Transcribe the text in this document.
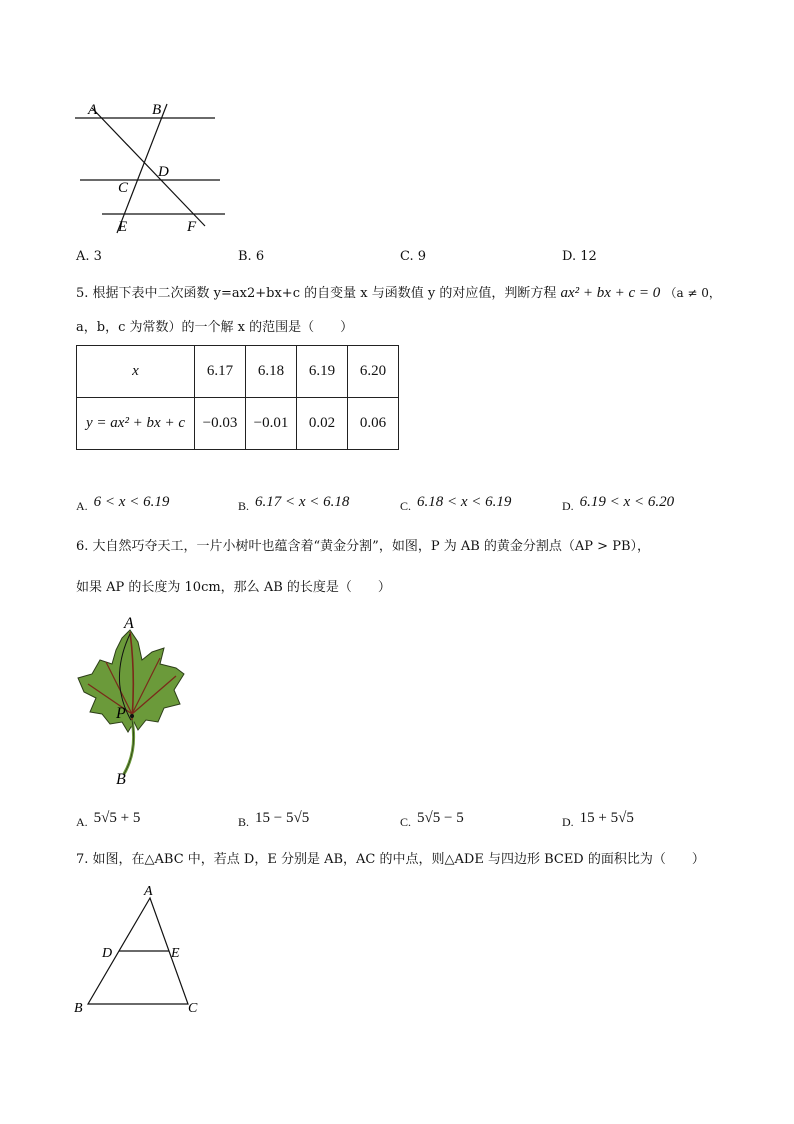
A	B
C
D
E	F
A. 3	B. 6	C. 9	D. 12
5. 根据下表中二次函数 y=ax2+bx+c 的自变量 x 与函数值 y 的对应值，判断方程 ax² + bx + c = 0 （a ≠ 0，
a，b，c 为常数）的一个解 x 的范围是（　　）
x	6.17	6.18	6.19	6.20
y = ax² + bx + c	−0.03	−0.01	0.02	0.06
A. 6 < x < 6.19	B. 6.17 < x < 6.18	C. 6.18 < x < 6.19	D. 6.19 < x < 6.20
6. 大自然巧夺天工，一片小树叶也蕴含着“黄金分割”，如图，P 为 AB 的黄金分割点（AP > PB），
如果 AP 的长度为 10cm，那么 AB 的长度是（　　）
A
P
B
A. 5√5 + 5	B. 15 − 5√5	C. 5√5 − 5	D. 15 + 5√5
7. 如图，在△ABC 中，若点 D，E 分别是 AB，AC 的中点，则△ADE 与四边形 BCED 的面积比为（　　）
A
D	E
B	C
